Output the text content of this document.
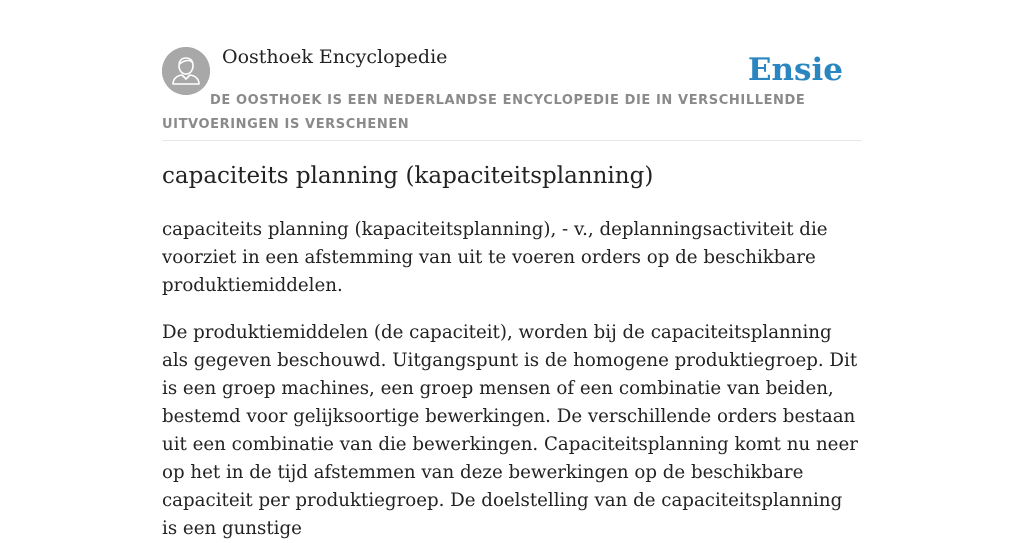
Oosthoek Encyclopedie	Ensie
DE OOSTHOEK IS EEN NEDERLANDSE ENCYCLOPEDIE DIE IN VERSCHILLENDE UITVOERINGEN IS VERSCHENEN
capaciteits planning (kapaciteitsplanning)

capaciteits planning (kapaciteitsplanning), - v., deplanningsactiviteit die voorziet in een afstemming van uit te voeren orders op de beschikbare produktiemiddelen.

De produktiemiddelen (de capaciteit), worden bij de capaciteitsplanning als gegeven beschouwd. Uitgangspunt is de homogene produktiegroep. Dit is een groep machines, een groep mensen of een combinatie van beiden, bestemd voor gelijksoortige bewerkingen. De verschillende orders bestaan uit een combinatie van die bewerkingen. Capaciteitsplanning komt nu neer op het in de tijd afstemmen van deze bewerkingen op de beschikbare capaciteit per produktiegroep. De doelstelling van de capaciteitsplanning is een gunstige
